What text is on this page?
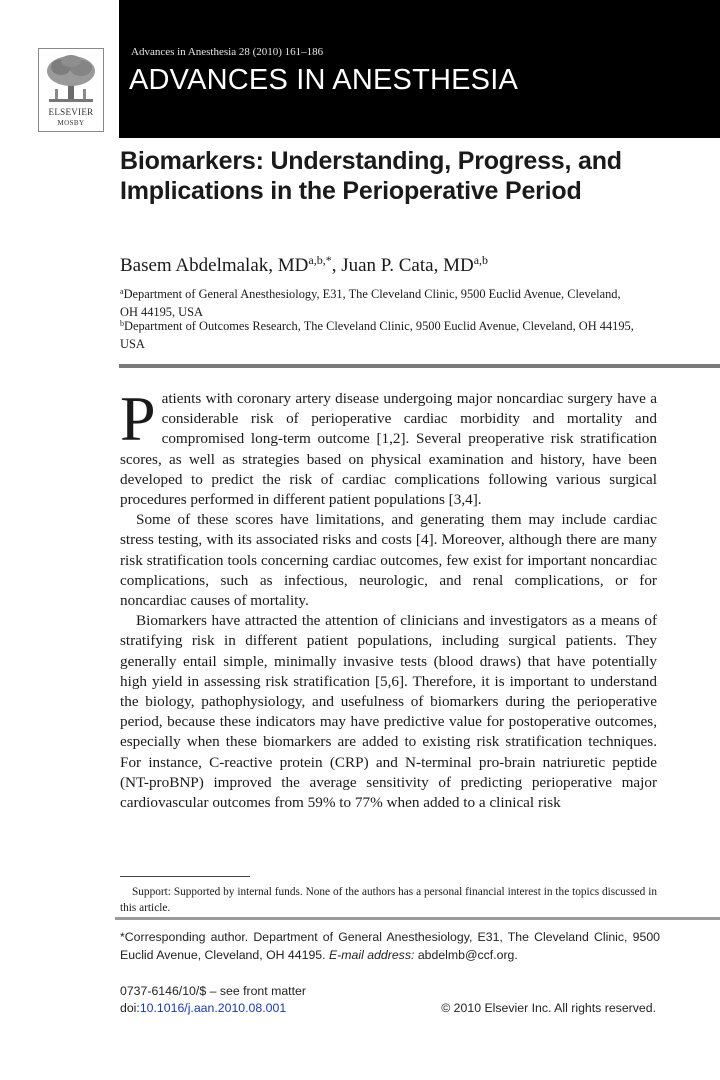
ELSEVIER
MOSBY
Advances in Anesthesia 28 (2010) 161–186
ADVANCES IN ANESTHESIA
Biomarkers: Understanding, Progress, and Implications in the Perioperative Period
Basem Abdelmalak, $MD^{a,b,*}$, Juan P. Cata, MD$^{a,b}$
$^a$Department of General Anesthesiology, E31, The Cleveland Clinic, 9500 Euclid Avenue, Cleveland, OH 44195, USA
$^b$Department of Outcomes Research, The Cleveland Clinic, 9500 Euclid Avenue, Cleveland, OH 44195, USA

Patients with coronary artery disease undergoing major noncardiac surgery have a considerable risk of perioperative cardiac morbidity and mortality and compromised long-term outcome [1,2]. Several preoperative risk stratification scores, as well as strategies based on physical examination and history, have been developed to predict the risk of cardiac complications following various surgical procedures performed in different patient populations [3,4].

Some of these scores have limitations, and generating them may include cardiac stress testing, with its associated risks and costs [4]. Moreover, although there are many risk stratification tools concerning cardiac outcomes, few exist for important noncardiac complications, such as infectious, neurologic, and renal complications, or for noncardiac causes of mortality.

Biomarkers have attracted the attention of clinicians and investigators as a means of stratifying risk in different patient populations, including surgical patients. They generally entail simple, minimally invasive tests (blood draws) that have potentially high yield in assessing risk stratification [5,6]. Therefore, it is important to understand the biology, pathophysiology, and usefulness of biomarkers during the perioperative period, because these indicators may have predictive value for postoperative outcomes, especially when these biomarkers are added to existing risk stratification techniques. For instance, C-reactive protein (CRP) and N-terminal pro-brain natriuretic peptide (NT-proBNP) improved the average sensitivity of predicting perioperative major cardiovascular outcomes from 59% to 77% when added to a clinical risk

Support: Supported by internal funds. None of the authors has a personal financial interest in the topics discussed in this article.
*Corresponding author. Department of General Anesthesiology, E31, The Cleveland Clinic, 9500 Euclid Avenue, Cleveland, OH 44195. E-mail address: abdelmb@ccf.org.
0737-6146/10/$ – see front matter
doi:10.1016/j.aan.2010.08.001	© 2010 Elsevier Inc. All rights reserved.
